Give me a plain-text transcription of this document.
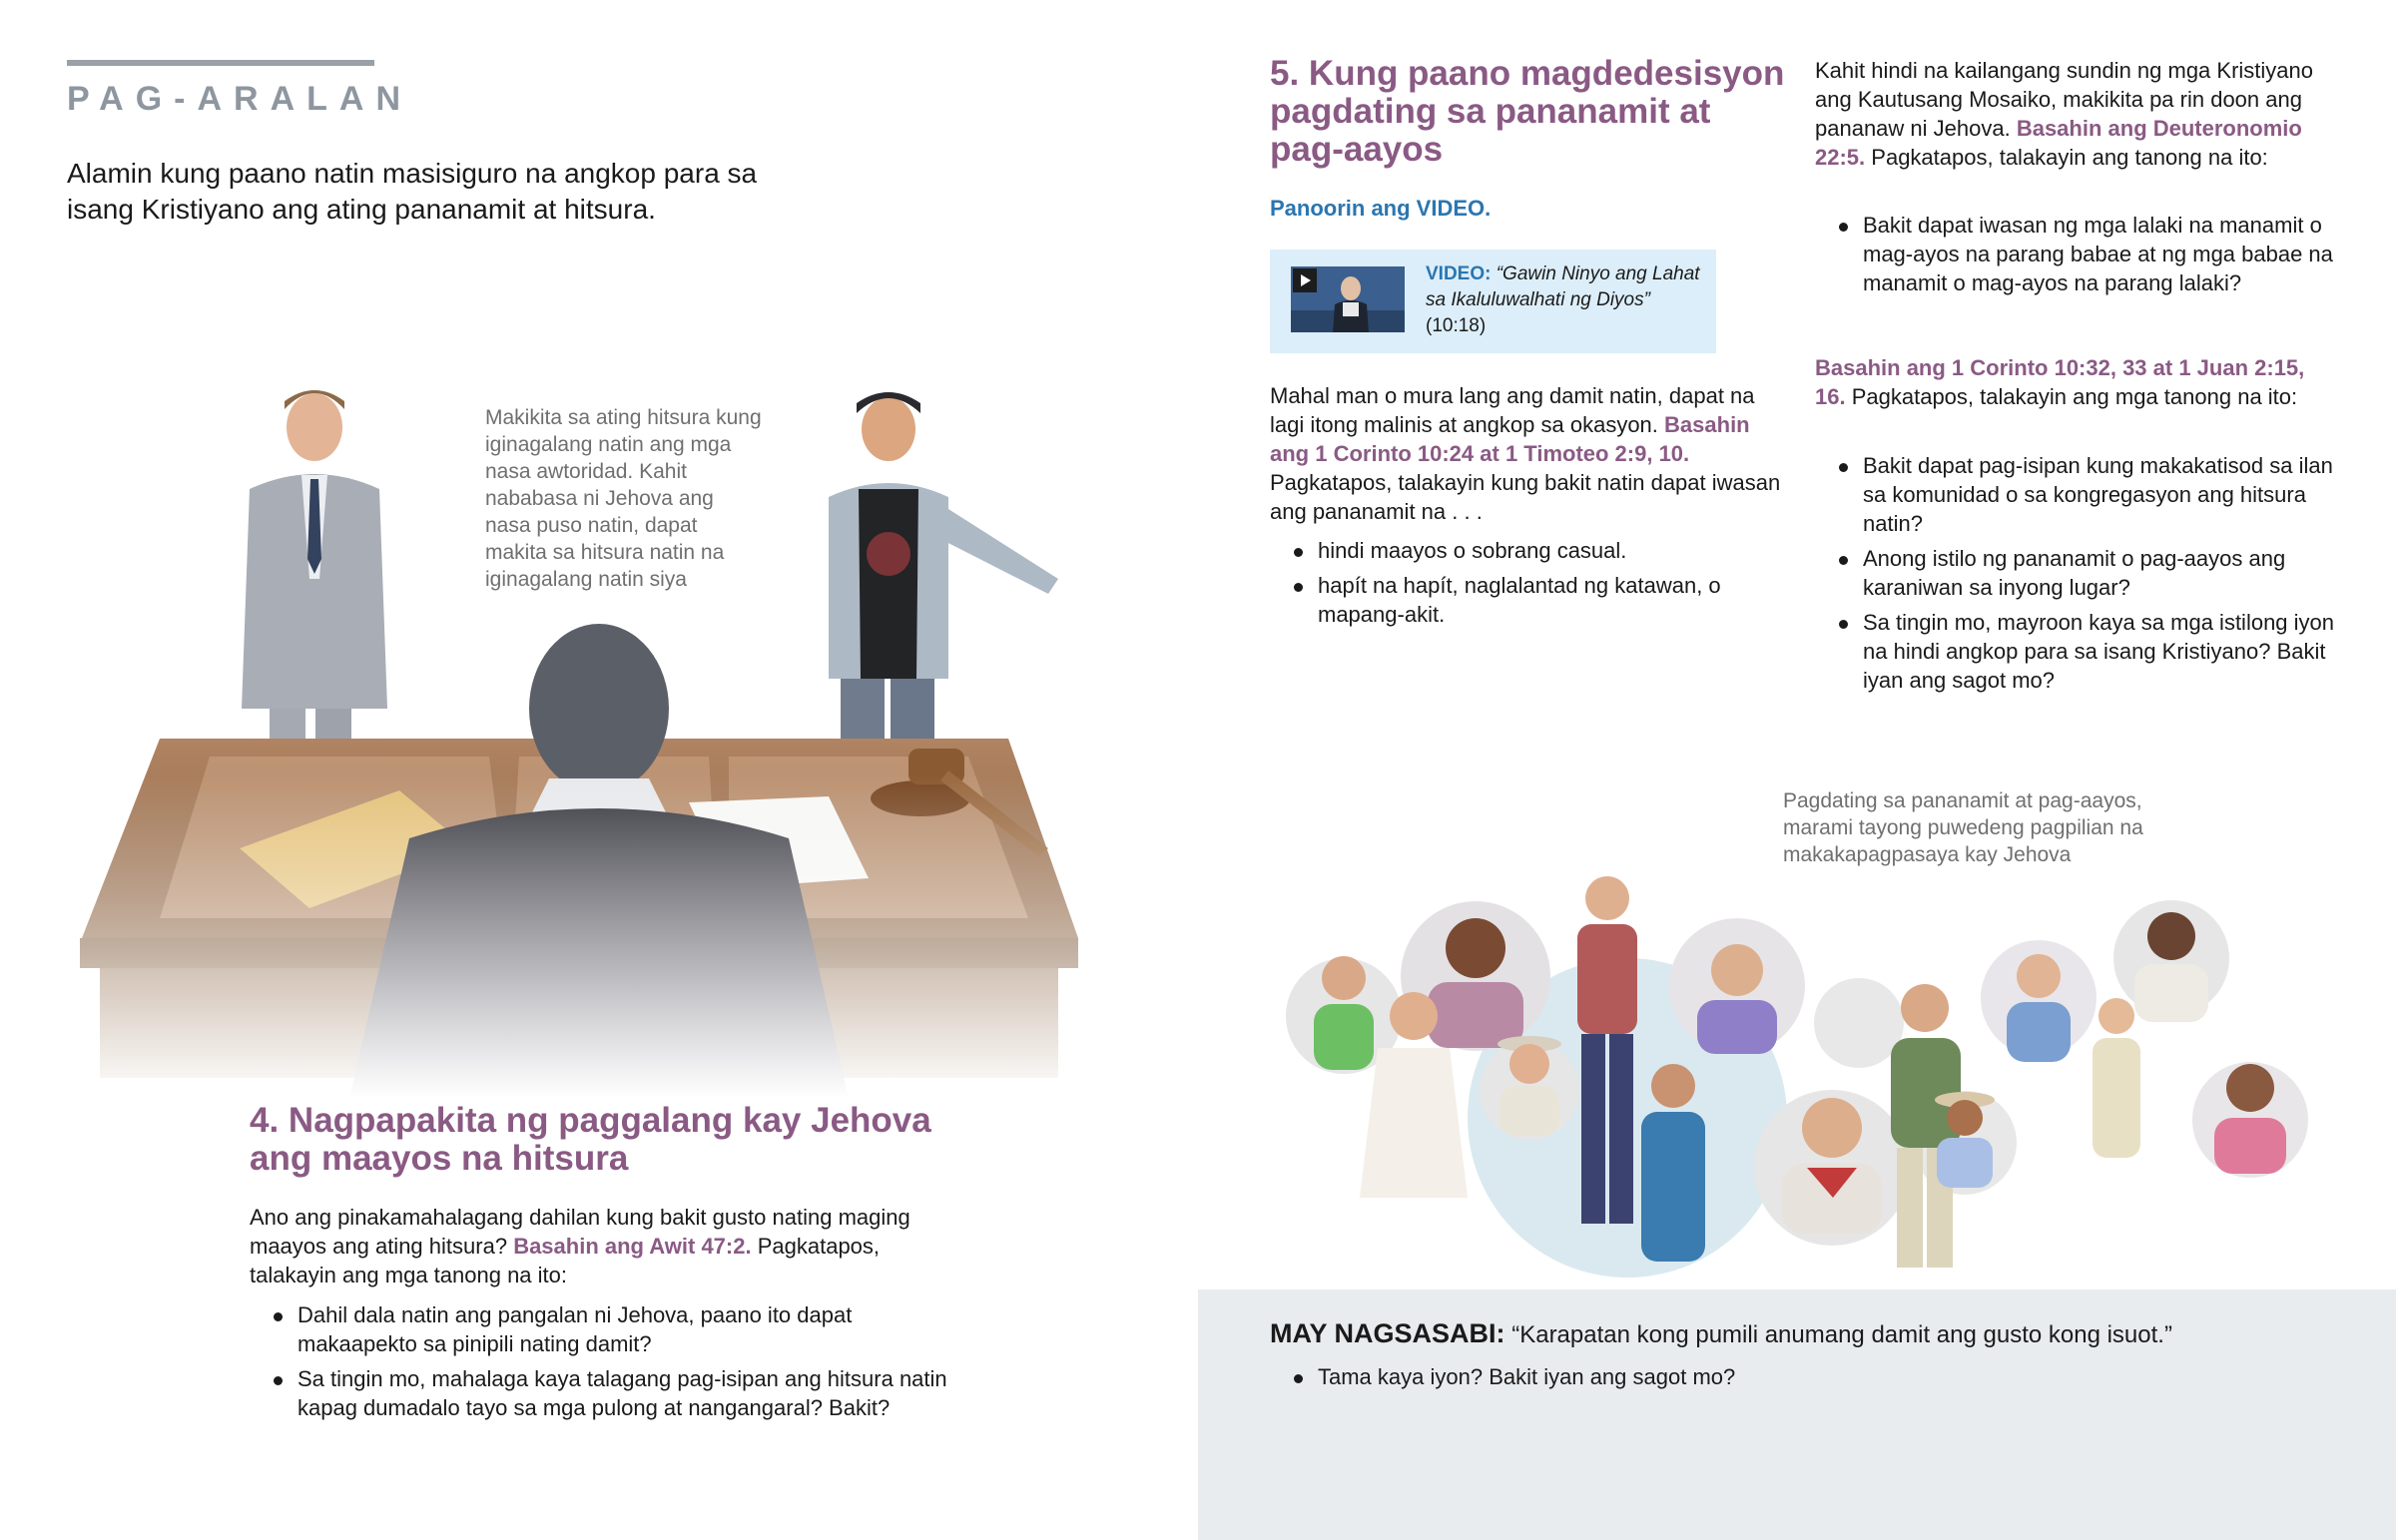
PAG-ARALAN
Alamin kung paano natin masisiguro na angkop para sa isang Kristiyano ang ating pananamit at hitsura.
Makikita sa ating hitsura kung iginagalang natin ang mga nasa awtoridad. Kahit nababasa ni Jehova ang nasa puso natin, dapat makita sa hitsura natin na iginagalang natin siya
4. Nagpapakita ng paggalang kay Jehova ang maayos na hitsura
Ano ang pinakamahalagang dahilan kung bakit gusto nating maging maayos ang ating hitsura? Basahin ang Awit 47:2. Pagkatapos, talakayin ang mga tanong na ito:
Dahil dala natin ang pangalan ni Jehova, paano ito dapat makaapekto sa pinipili nating damit?
Sa tingin mo, mahalaga kaya talagang pag-isipan ang hitsura natin kapag dumadalo tayo sa mga pulong at nangangaral? Bakit?
5. Kung paano magdedesisyon pagdating sa pananamit at pag-aayos
Panoorin ang VIDEO.
VIDEO: “Gawin Ninyo ang Lahat sa Ikaluluwalhati ng Diyos” (10:18)
Mahal man o mura lang ang damit natin, dapat na lagi itong malinis at angkop sa okasyon. Basahin ang 1 Corinto 10:24 at 1 Timoteo 2:9, 10. Pagkatapos, talakayin kung bakit natin dapat iwasan ang pananamit na . . .
hindi maayos o sobrang casual.
hapít na hapít, naglalantad ng katawan, o mapang-akit.
Kahit hindi na kailangang sundin ng mga Kristiyano ang Kautusang Mosaiko, makikita pa rin doon ang pananaw ni Jehova. Basahin ang Deuteronomio 22:5. Pagkatapos, talakayin ang tanong na ito:
Bakit dapat iwasan ng mga lalaki na manamit o mag-ayos na parang babae at ng mga babae na manamit o mag-ayos na parang lalaki?
Basahin ang 1 Corinto 10:32, 33 at 1 Juan 2:15, 16. Pagkatapos, talakayin ang mga tanong na ito:
Bakit dapat pag-isipan kung makakatisod sa ilan sa komunidad o sa kongregasyon ang hitsura natin?
Anong istilo ng pananamit o pag-aayos ang karaniwan sa inyong lugar?
Sa tingin mo, mayroon kaya sa mga istilong iyon na hindi angkop para sa isang Kristiyano? Bakit iyan ang sagot mo?
Pagdating sa pananamit at pag-aayos, marami tayong puwedeng pagpilian na makakapagpasaya kay Jehova
MAY NAGSASABI: “Karapatan kong pumili anumang damit ang gusto kong isuot.”
Tama kaya iyon? Bakit iyan ang sagot mo?
